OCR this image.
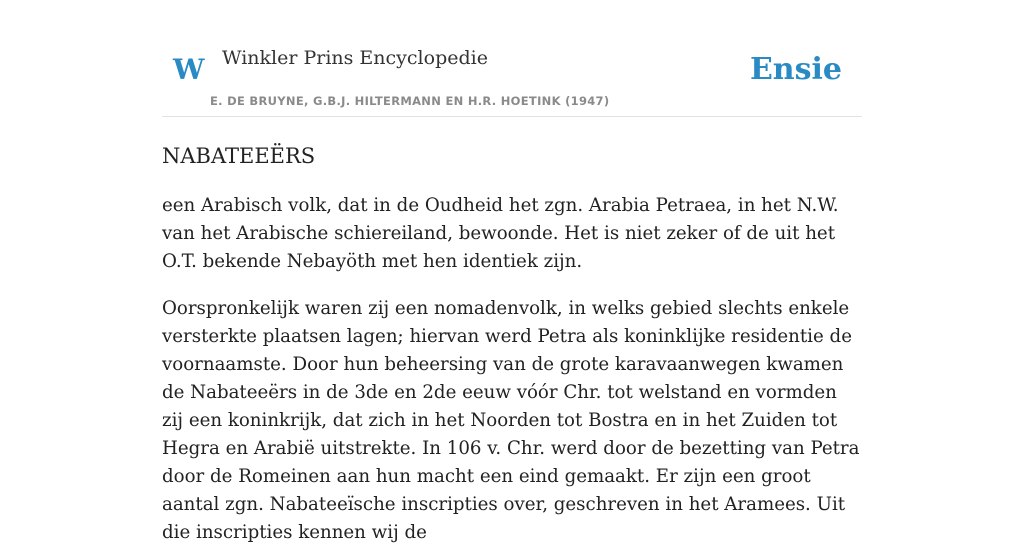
W Winkler Prins Encyclopedie
E. DE BRUYNE, G.B.J. HILTERMANN EN H.R. HOETINK (1947)
Ensie
NABATEEËRS

een Arabisch volk, dat in de Oudheid het zgn. Arabia Petraea, in het N.W. van het Arabische schiereiland, bewoonde. Het is niet zeker of de uit het O.T. bekende Nebayöth met hen identiek zijn.

Oorspronkelijk waren zij een nomadenvolk, in welks gebied slechts enkele versterkte plaatsen lagen; hiervan werd Petra als koninklijke residentie de voornaamste. Door hun beheersing van de grote karavaanwegen kwamen de Nabateeërs in de 3de en 2de eeuw vóór Chr. tot welstand en vormden zij een koninkrijk, dat zich in het Noorden tot Bostra en in het Zuiden tot Hegra en Arabië uitstrekte. In 106 v. Chr. werd door de bezetting van Petra door de Romeinen aan hun macht een eind gemaakt. Er zijn een groot aantal zgn. Nabateeïsche inscripties over, geschreven in het Arameеs. Uit die inscripties kennen wij de
